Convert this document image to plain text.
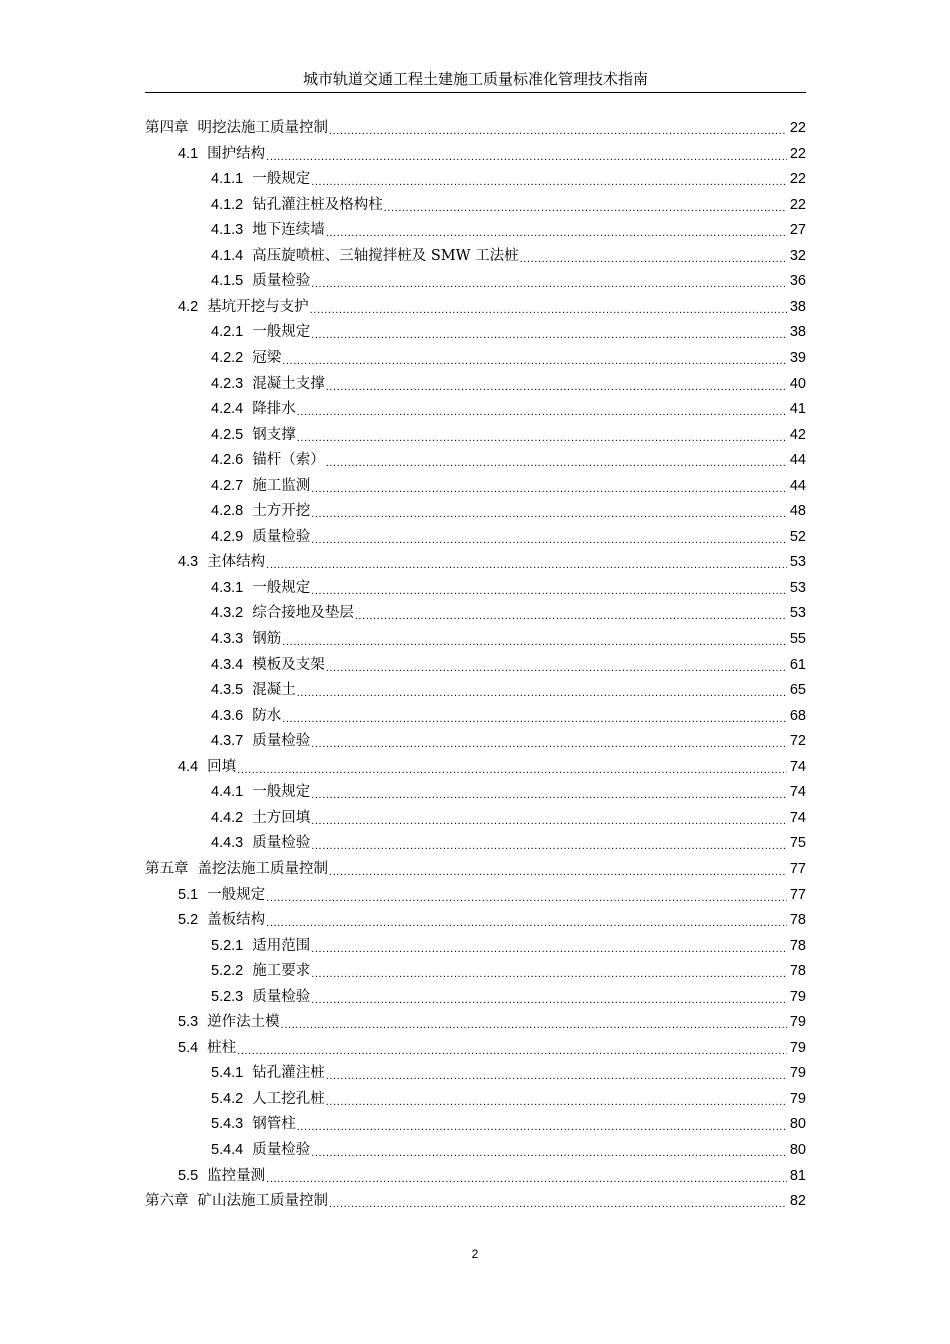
城市轨道交通工程土建施工质量标准化管理技术指南
第四章 明挖法施工质量控制 .....	22
4.1 围护结构 .....	22
4.1.1 一般规定 .....	22
4.1.2 钻孔灌注桩及格构柱 .....	22
4.1.3 地下连续墙 .....	27
4.1.4 高压旋喷桩、三轴搅拌桩及 SMW 工法桩 .....	32
4.1.5 质量检验 .....	36
4.2 基坑开挖与支护 .....	38
4.2.1 一般规定 .....	38
4.2.2 冠梁 .....	39
4.2.3 混凝土支撑 .....	40
4.2.4 降排水 .....	41
4.2.5 钢支撑 .....	42
4.2.6 锚杆（索） .....	44
4.2.7 施工监测 .....	44
4.2.8 土方开挖 .....	48
4.2.9 质量检验 .....	52
4.3 主体结构 .....	53
4.3.1 一般规定 .....	53
4.3.2 综合接地及垫层 .....	53
4.3.3 钢筋 .....	55
4.3.4 模板及支架 .....	61
4.3.5 混凝土 .....	65
4.3.6 防水 .....	68
4.3.7 质量检验 .....	72
4.4 回填 .....	74
4.4.1 一般规定 .....	74
4.4.2 土方回填 .....	74
4.4.3 质量检验 .....	75
第五章 盖挖法施工质量控制 .....	77
5.1 一般规定 .....	77
5.2 盖板结构 .....	78
5.2.1 适用范围 .....	78
5.2.2 施工要求 .....	78
5.2.3 质量检验 .....	79
5.3 逆作法土模 .....	79
5.4 桩柱 .....	79
5.4.1 钻孔灌注桩 .....	79
5.4.2 人工挖孔桩 .....	79
5.4.3 钢管柱 .....	80
5.4.4 质量检验 .....	80
5.5 监控量测 .....	81
第六章 矿山法施工质量控制 .....	82
2
